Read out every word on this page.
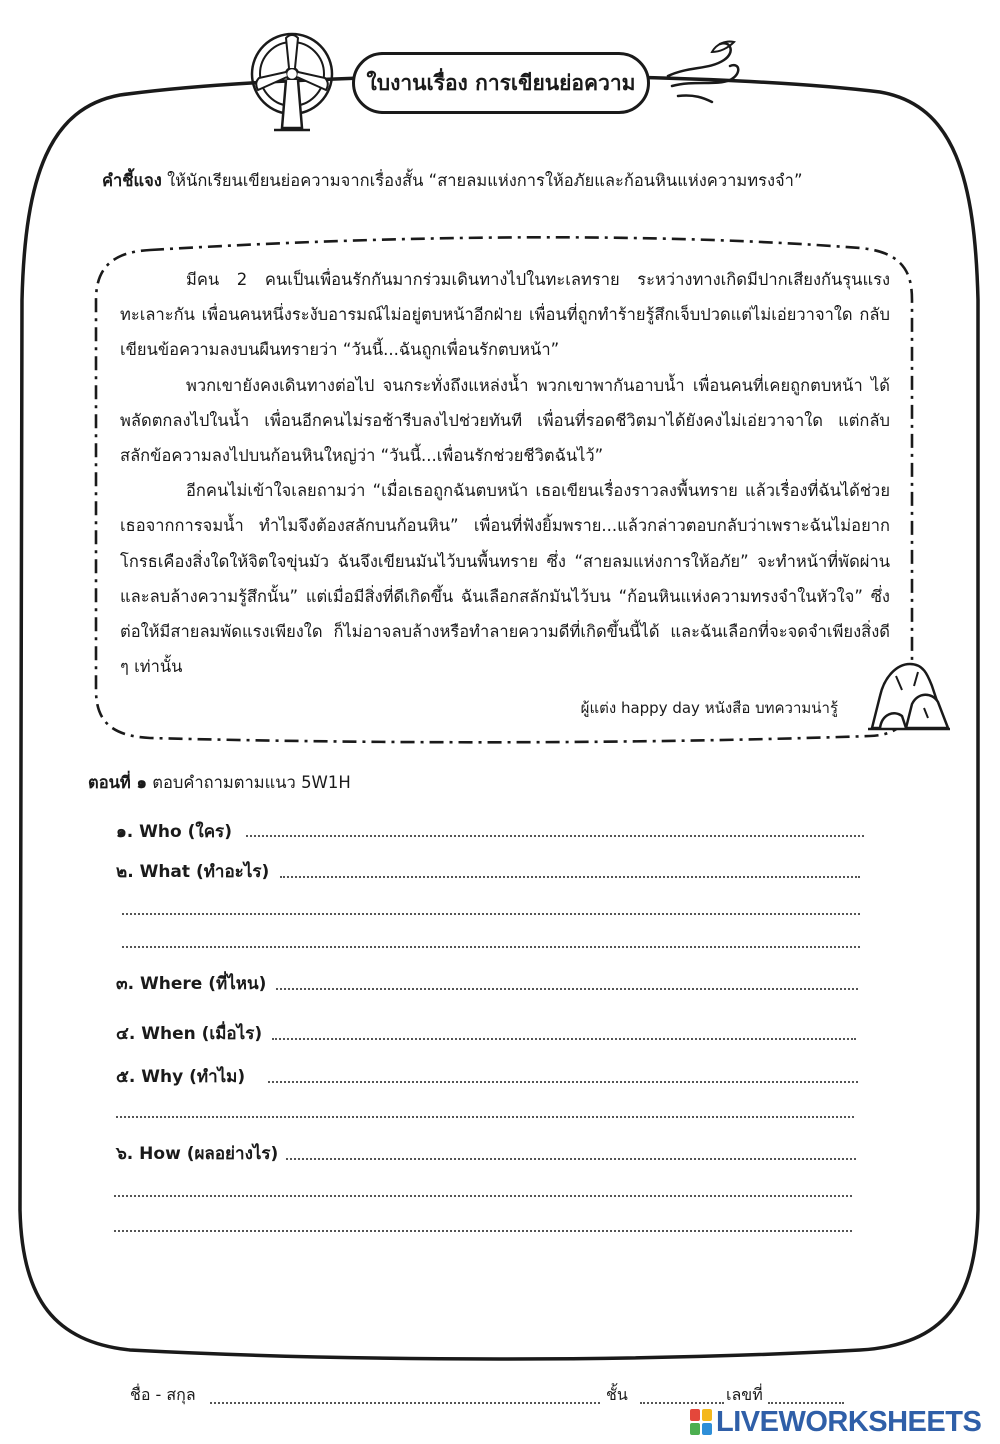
ใบงานเรื่อง การเขียนย่อความ
คำชี้แจง ให้นักเรียนเขียนย่อความจากเรื่องสั้น “สายลมแห่งการให้อภัยและก้อนหินแห่งความทรงจำ”

มีคน 2 คนเป็นเพื่อนรักกันมากร่วมเดินทางไปในทะเลทราย ระหว่างทางเกิดมีปากเสียงกันรุนแรงทะเลาะกัน เพื่อนคนหนึ่งระงับอารมณ์ไม่อยู่ตบหน้าอีกฝ่าย เพื่อนที่ถูกทำร้ายรู้สึกเจ็บปวดแต่ไม่เอ่ยวาจาใด กลับเขียนข้อความลงบนผืนทรายว่า “วันนี้...ฉันถูกเพื่อนรักตบหน้า”

พวกเขายังคงเดินทางต่อไป จนกระทั่งถึงแหล่งน้ำ พวกเขาพากันอาบน้ำ เพื่อนคนที่เคยถูกตบหน้า ได้พลัดตกลงไปในน้ำ เพื่อนอีกคนไม่รอช้ารีบลงไปช่วยทันที เพื่อนที่รอดชีวิตมาได้ยังคงไม่เอ่ยวาจาใด แต่กลับสลักข้อความลงไปบนก้อนหินใหญ่ว่า “วันนี้...เพื่อนรักช่วยชีวิตฉันไว้”

อีกคนไม่เข้าใจเลยถามว่า “เมื่อเธอถูกฉันตบหน้า เธอเขียนเรื่องราวลงพื้นทราย แล้วเรื่องที่ฉันได้ช่วยเธอจากการจมน้ำ ทำไมจึงต้องสลักบนก้อนหิน” เพื่อนที่ฟังยิ้มพราย...แล้วกล่าวตอบกลับว่าเพราะฉันไม่อยากโกรธเคืองสิ่งใดให้จิตใจขุ่นมัว ฉันจึงเขียนมันไว้บนพื้นทราย ซึ่ง “สายลมแห่งการให้อภัย” จะทำหน้าที่พัดผ่าน และลบล้างความรู้สึกนั้น” แต่เมื่อมีสิ่งที่ดีเกิดขึ้น ฉันเลือกสลักมันไว้บน “ก้อนหินแห่งความทรงจำในหัวใจ” ซึ่งต่อให้มีสายลมพัดแรงเพียงใด ก็ไม่อาจลบล้างหรือทำลายความดีที่เกิดขึ้นนี้ได้ และฉันเลือกที่จะจดจำเพียงสิ่งดี ๆ เท่านั้น

ผู้แต่ง happy day หนังสือ บทความน่ารู้
ตอนที่ ๑ ตอบคำถามตามแนว 5W1H
๑. Who (ใคร)
๒. What (ทำอะไร)
๓. Where (ที่ไหน)
๔. When (เมื่อไร)
๕. Why (ทำไม)
๖. How (ผลอย่างไร)
ชื่อ - สกุล	ชั้น	เลขที่
LIVEWORKSHEETS
